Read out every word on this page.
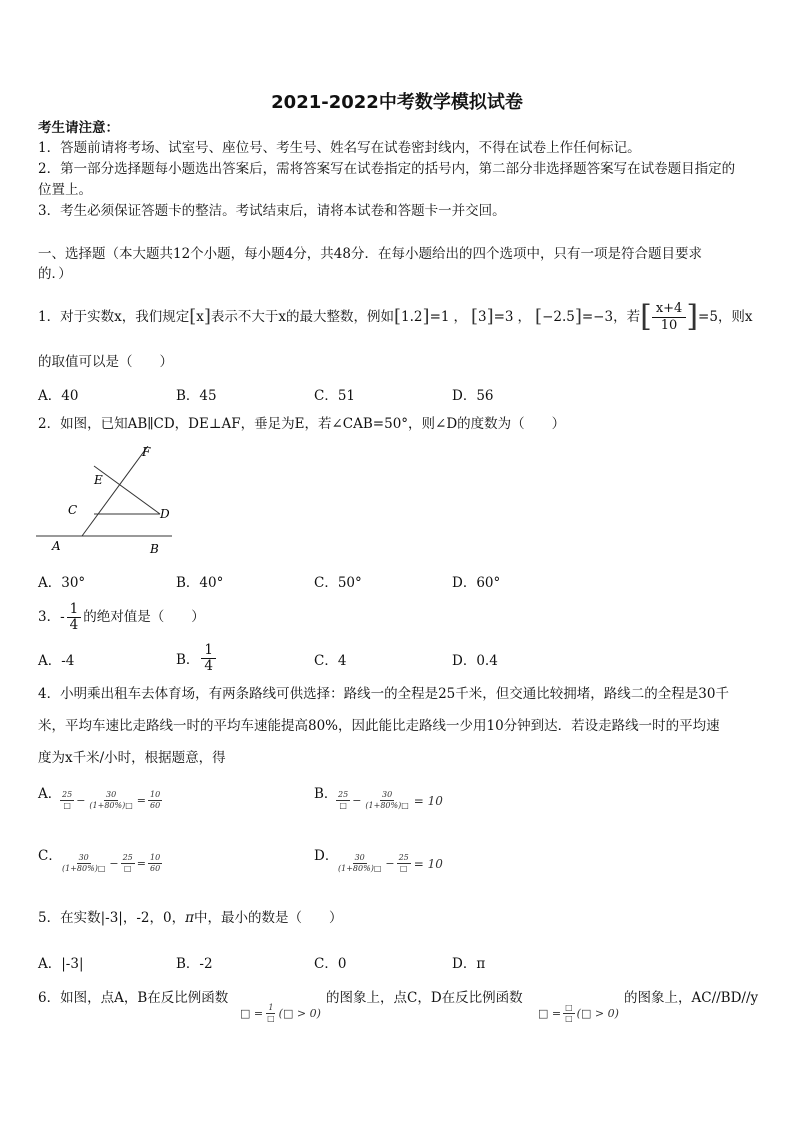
2021-2022中考数学模拟试卷
考生请注意：
1．答题前请将考场、试室号、座位号、考生号、姓名写在试卷密封线内，不得在试卷上作任何标记。
2．第一部分选择题每小题选出答案后，需将答案写在试卷指定的括号内，第二部分非选择题答案写在试卷题目指定的
位置上。
3．考生必须保证答题卡的整洁。考试结束后，请将本试卷和答题卡一并交回。
一、选择题（本大题共12个小题，每小题4分，共48分．在每小题给出的四个选项中，只有一项是符合题目要求
的．）
1．对于实数x，我们规定 [ x ] 表示不大于x的最大整数，例如 [ 1.2 ] =1 ， [ 3 ] =3 ， [ −2.5 ] =−3 ，若 [ $\frac{x+4}{10}$ ] =5 ，则x
的取值可以是（　　）
A．40	B．45	C．51	D．56
2．如图，已知AB∥CD，DE⊥AF，垂足为E，若∠CAB=50°，则∠D的度数为（　　）
F
E
C	D
A	B
A．30°	B．40°	C．50°	D．60°
3．- $\frac{1}{4}$ 的绝对值是（　　）
A．-4	B． $\frac{1}{4}$	C．4	D．0.4
4．小明乘出租车去体育场，有两条路线可供选择：路线一的全程是25千米，但交通比较拥堵，路线二的全程是30千
米，平均车速比走路线一时的平均车速能提高80%，因此能比走路线一少用10分钟到达．若设走路线一时的平均速
度为x千米/小时，根据题意，得
A．
$\frac{25}{□} - \frac{30}{(1+80\%)□} = \frac{10}{60}$	B．
$\frac{25}{□} - \frac{30}{(1+80\%)□} = 10$
C．
$\frac{30}{(1+80\%)□} - \frac{25}{□} = \frac{10}{60}$	D．
$\frac{30}{(1+80\%)□} - \frac{25}{□} = 10$
5．在实数|-3|，-2，0，π中，最小的数是（　　）
A．|-3|	B．-2	C．0	D．π
6．如图，点A，B在反比例函数	的图象上，点C，D在反比例函数	的图象上，AC//BD//y
□ = $\frac{1}{□}$ (□ > 0)	□ = $\frac{□}{□}$ (□ > 0)
